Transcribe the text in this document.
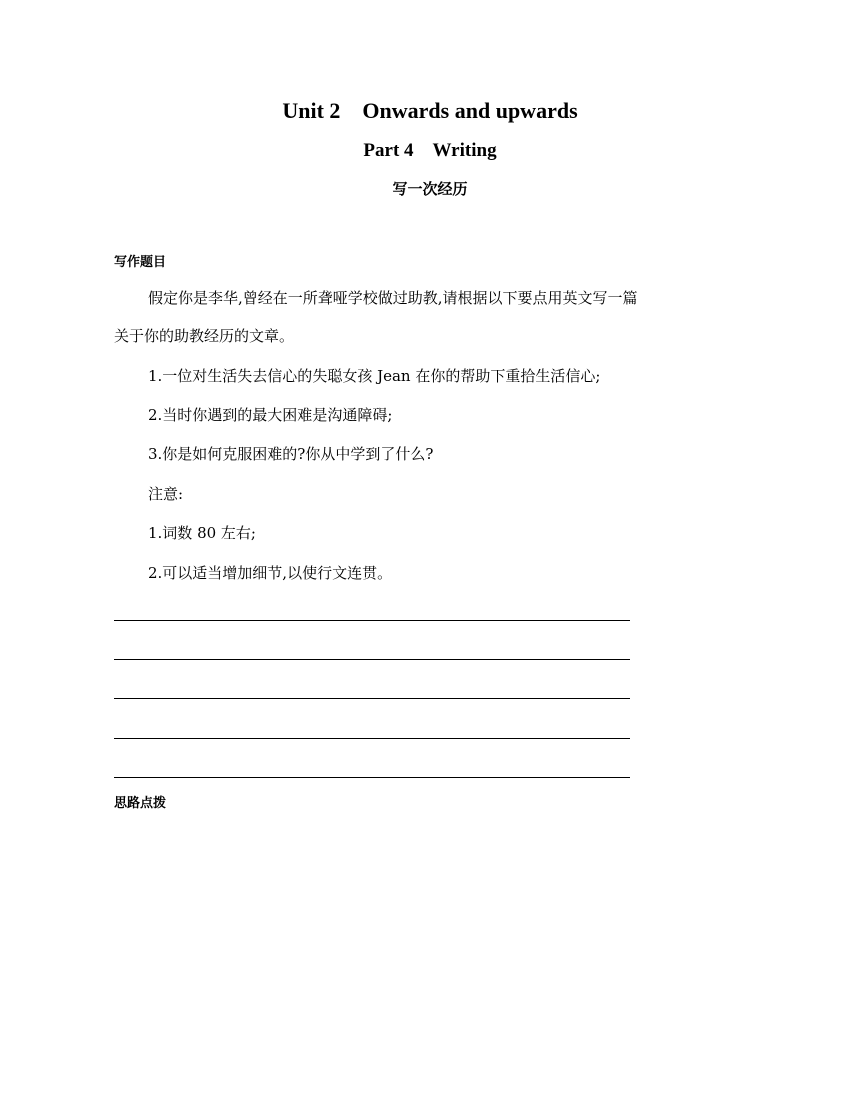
Unit 2　Onwards and upwards
Part 4　Writing
写一次经历

写作题目

假定你是李华,曾经在一所聋哑学校做过助教,请根据以下要点用英文写一篇

关于你的助教经历的文章。

1.一位对生活失去信心的失聪女孩 Jean 在你的帮助下重拾生活信心;

2.当时你遇到的最大困难是沟通障碍;

3.你是如何克服困难的?你从中学到了什么?

注意:

1.词数 80 左右;

2.可以适当增加细节,以使行文连贯。

思路点拨
